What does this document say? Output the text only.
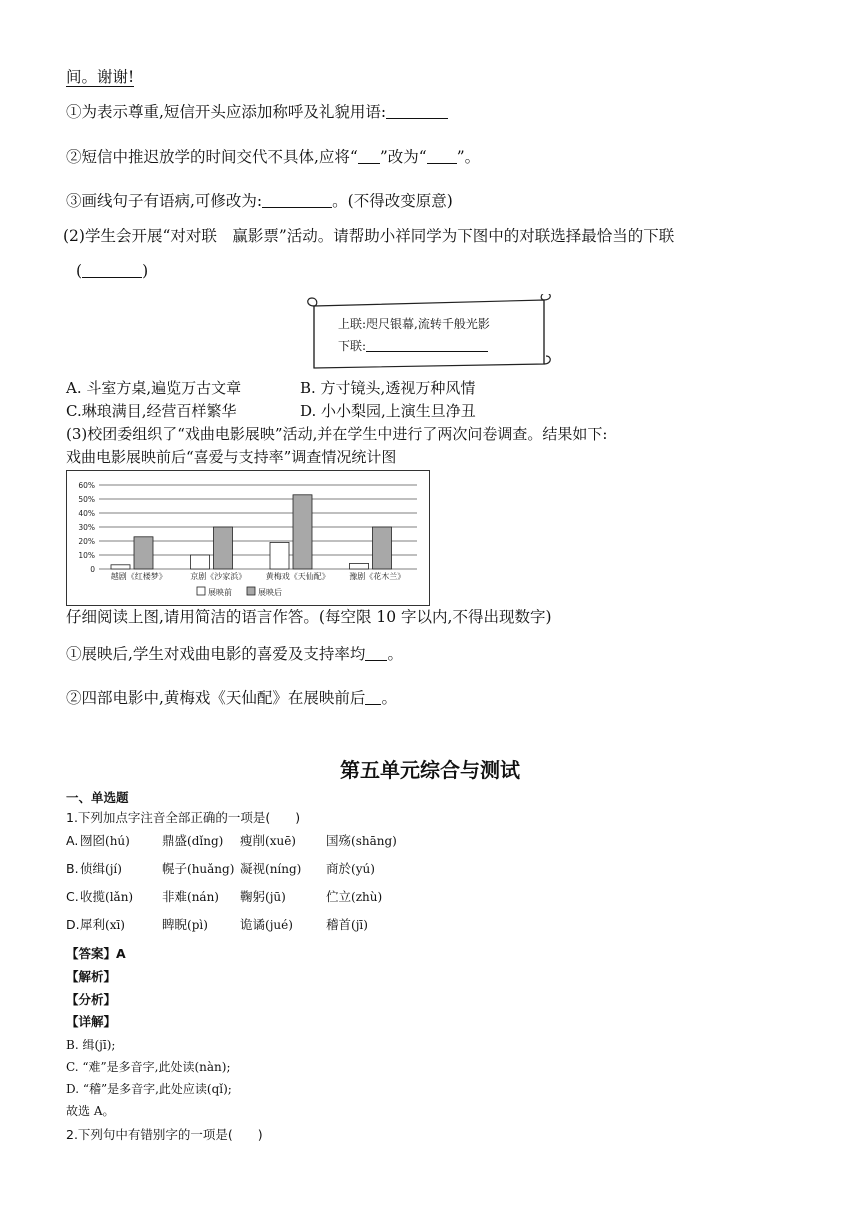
间。谢谢!
①为表示尊重,短信开头应添加称呼及礼貌用语:
②短信中推迟放学的时间交代不具体,应将“ ”改为“ ”。
③画线句子有语病,可修改为:	。(不得改变原意)
(2)学生会开展“对对联　赢影票”活动。请帮助小祥同学为下图中的对联选择最恰当的下联
(	)
上联:咫尺银幕,流转千般光影
下联:
A. 斗室方桌,遍览万古文章	B. 方寸镜头,透视万种风情
C.琳琅满目,经营百样繁华	D. 小小梨园,上演生旦净丑
(3)校团委组织了“戏曲电影展映”活动,并在学生中进行了两次问卷调查。结果如下:
戏曲电影展映前后“喜爱与支持率”调查情况统计图
0
10%
20%
30%
40%
50%
60%
越剧《红楼梦》	京剧《沙家浜》 黄梅戏《天仙配》 豫剧《花木兰》
展映前	展映后
仔细阅读上图,请用简洁的语言作答。(每空限 10 字以内,不得出现数字)
①展映后,学生对戏曲电影的喜爱及支持率均 。
②四部电影中,黄梅戏《天仙配》在展映前后 。
第五单元综合与测试
一、单选题
1.下列加点字注音全部正确的一项是(　　)
A. 囫囵(hú)	鼎盛(dǐng) 瘦削(xuē) 国殇(shāng)
B. 侦缉(jí)	幌子(huǎng) 凝视(níng) 商於(yú)
C. 收揽(lǎn) 非难(nán) 鞠躬(jū)	伫立(zhù)
D. 犀利(xī)	睥睨(pì)	诡谲(jué)	稽首(jī)
【答案】A
【解析】
【分析】
【详解】
B. 缉(jī);
C. “难”是多音字,此处读(nàn);
D. “稽”是多音字,此处应读(qǐ);
故选 A。
2.下列句中有错别字的一项是(　　)
